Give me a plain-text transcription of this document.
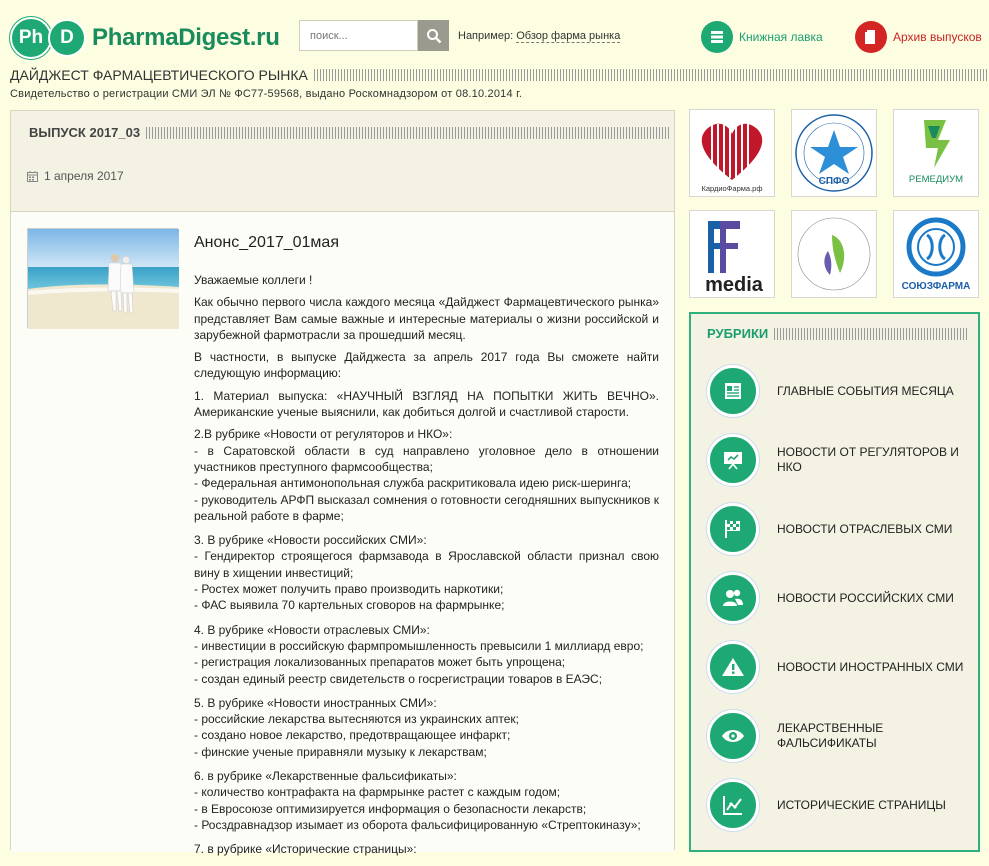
Ph D PharmaDigest.ru
поиск...	Например: Обзор фарма рынка	Книжная лавка	Архив выпусков
ДАЙДЖЕСТ ФАРМАЦЕВТИЧЕСКОГО РЫНКА
Свидетельство о регистрации СМИ ЭЛ № ФС77-59568, выдано Роскомнадзором от 08.10.2014 г.
ВЫПУСК 2017_03
1 апреля 2017
Анонс_2017_01мая

Уважаемые коллеги !

Как обычно первого числа каждого месяца «Дайджест Фармацевтического рынка» представляет Вам самые важные и интересные материалы о жизни российской и зарубежной фармотрасли за прошедший месяц.

В частности, в выпуске Дайджеста за апрель 2017 года Вы сможете найти следующую информацию:

1. Материал выпуска: «НАУЧНЫЙ ВЗГЛЯД НА ПОПЫТКИ ЖИТЬ ВЕЧНО». Американские ученые выяснили, как добиться долгой и счастливой старости.

2.В рубрике «Новости от регуляторов и НКО»:
- в Саратовской области в суд направлено уголовное дело в отношении участников преступного фармсообщества;
- Федеральная антимонопольная служба раскритиковала идею риск-шеринга;
- руководитель АРФП высказал сомнения о готовности сегодняшних выпускников к реальной работе в фарме;

3. В рубрике «Новости российских СМИ»:
- Гендиректор строящегося фармзавода в Ярославской области признал свою вину в хищении инвестиций;
- Ростех может получить право производить наркотики;
- ФАС выявила 70 картельных сговоров на фармрынке;

4. В рубрике «Новости отраслевых СМИ»:
- инвестиции в российскую фармпромышленность превысили 1 миллиард евро;
- регистрация локализованных препаратов может быть упрощена;
- создан единый реестр свидетельств о госрегистрации товаров в ЕАЭС;

5. В рубрике «Новости иностранных СМИ»:
- российские лекарства вытесняются из украинских аптек;
- создано новое лекарство, предотвращающее инфаркт;
- финские ученые приравняли музыку к лекарствам;

6. в рубрике «Лекарственные фальсификаты»:
- количество контрафакта на фармрынке растет с каждым годом;
- в Евросоюзе оптимизируется информация о безопасности лекарств;
- Росздравнадзор изымает из оборота фальсифицированную «Стрептокиназу»;

7. в рубрике «Исторические страницы»:

КардиоФарма.рф
СПФО	РЕМЕДИУМ
media	СОЮЗФАРМА
РУБРИКИ
ГЛАВНЫЕ СОБЫТИЯ МЕСЯЦА
НОВОСТИ ОТ РЕГУЛЯТОРОВ И НКО
НОВОСТИ ОТРАСЛЕВЫХ СМИ
НОВОСТИ РОССИЙСКИХ СМИ
НОВОСТИ ИНОСТРАННЫХ СМИ
ЛЕКАРСТВЕННЫЕ ФАЛЬСИФИКАТЫ
ИСТОРИЧЕСКИЕ СТРАНИЦЫ
